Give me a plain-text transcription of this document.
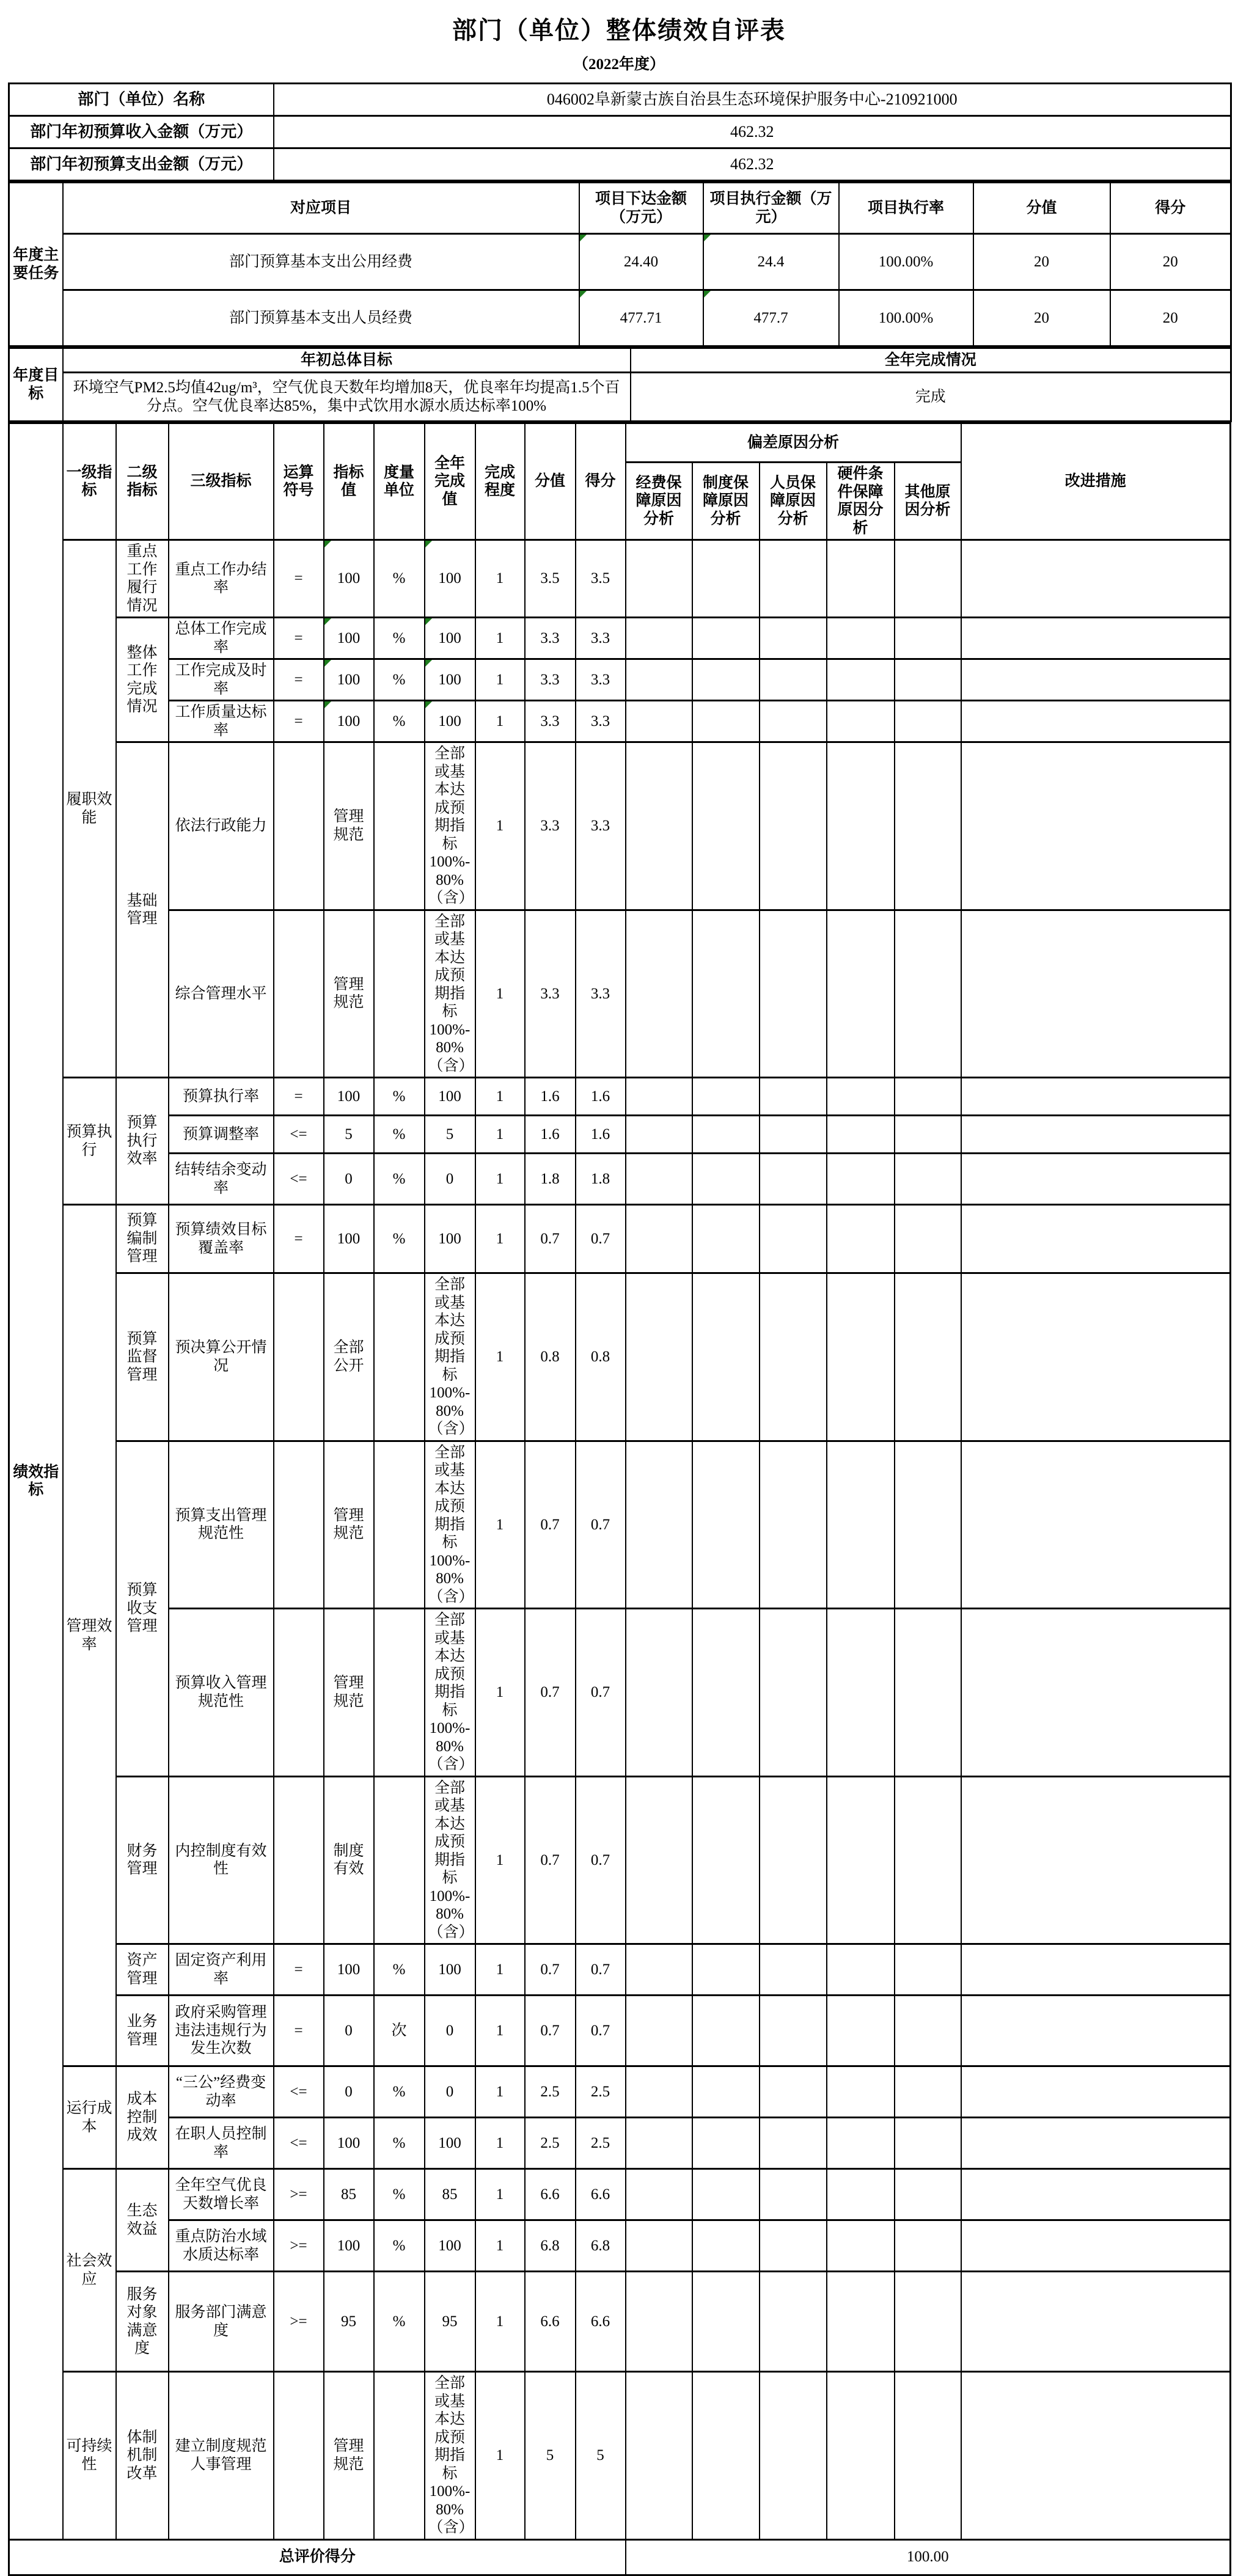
部门（单位）整体绩效自评表
（2022年度）
部门（单位）名称	046002阜新蒙古族自治县生态环境保护服务中心-210921000
部门年初预算收入金额（万元）	462.32
部门年初预算支出金额（万元）	462.32
年度主要任务	对应项目	项目下达金额（万元）	项目执行金额（万元）	项目执行率	分值	得分
	部门预算基本支出公用经费	24.40	24.4	100.00%	20	20
	部门预算基本支出人员经费	477.71	477.7	100.00%	20	20
年度目标	年初总体目标	全年完成情况
	环境空气PM2.5均值42ug/m³，空气优良天数年均增加8天，优良率年均提高1.5个百分点。空气优良率达85%，集中式饮用水源水质达标率100%	完成
绩效指标	一级指标	二级指标	三级指标	运算符号	指标值	度量单位	全年完成值	完成程度	分值	得分	偏差原因分析					改进措施
											经费保障原因分析	制度保障原因分析	人员保障原因分析	硬件条件保障原因分析	其他原因分析	
	履职效能	重点工作履行情况	重点工作办结率	=	100	%	100	1	3.5	3.5						
		整体工作完成情况	总体工作完成率	=	100	%	100	1	3.3	3.3						
			工作完成及时率	=	100	%	100	1	3.3	3.3						
			工作质量达标率	=	100	%	100	1	3.3	3.3						
		基础管理	依法行政能力		管理规范		全部或基本达成预期指标100%-80%（含）	1	3.3	3.3						
			综合管理水平		管理规范		全部或基本达成预期指标100%-80%（含）	1	3.3	3.3						
	预算执行	预算执行效率	预算执行率	=	100	%	100	1	1.6	1.6						
			预算调整率	<=	5	%	5	1	1.6	1.6						
			结转结余变动率	<=	0	%	0	1	1.8	1.8						
	管理效率	预算编制管理	预算绩效目标覆盖率	=	100	%	100	1	0.7	0.7						
		预算监督管理	预决算公开情况		全部公开		全部或基本达成预期指标100%-80%（含）	1	0.8	0.8						
		预算收支管理	预算支出管理规范性		管理规范		全部或基本达成预期指标100%-80%（含）	1	0.7	0.7						
			预算收入管理规范性		管理规范		全部或基本达成预期指标100%-80%（含）	1	0.7	0.7						
		财务管理	内控制度有效性		制度有效		全部或基本达成预期指标100%-80%（含）	1	0.7	0.7						
		资产管理	固定资产利用率	=	100	%	100	1	0.7	0.7						
		业务管理	政府采购管理违法违规行为发生次数	=	0	次	0	1	0.7	0.7						
	运行成本	成本控制成效	“三公”经费变动率	<=	0	%	0	1	2.5	2.5						
			在职人员控制率	<=	100	%	100	1	2.5	2.5						
	社会效应	生态效益	全年空气优良天数增长率	>=	85	%	85	1	6.6	6.6						
			重点防治水域水质达标率	>=	100	%	100	1	6.8	6.8						
		服务对象满意度	服务部门满意度	>=	95	%	95	1	6.6	6.6						
	可持续性	体制机制改革	建立制度规范人事管理		管理规范		全部或基本达成预期指标100%-80%（含）	1	5	5						
总评价得分											100.00					
